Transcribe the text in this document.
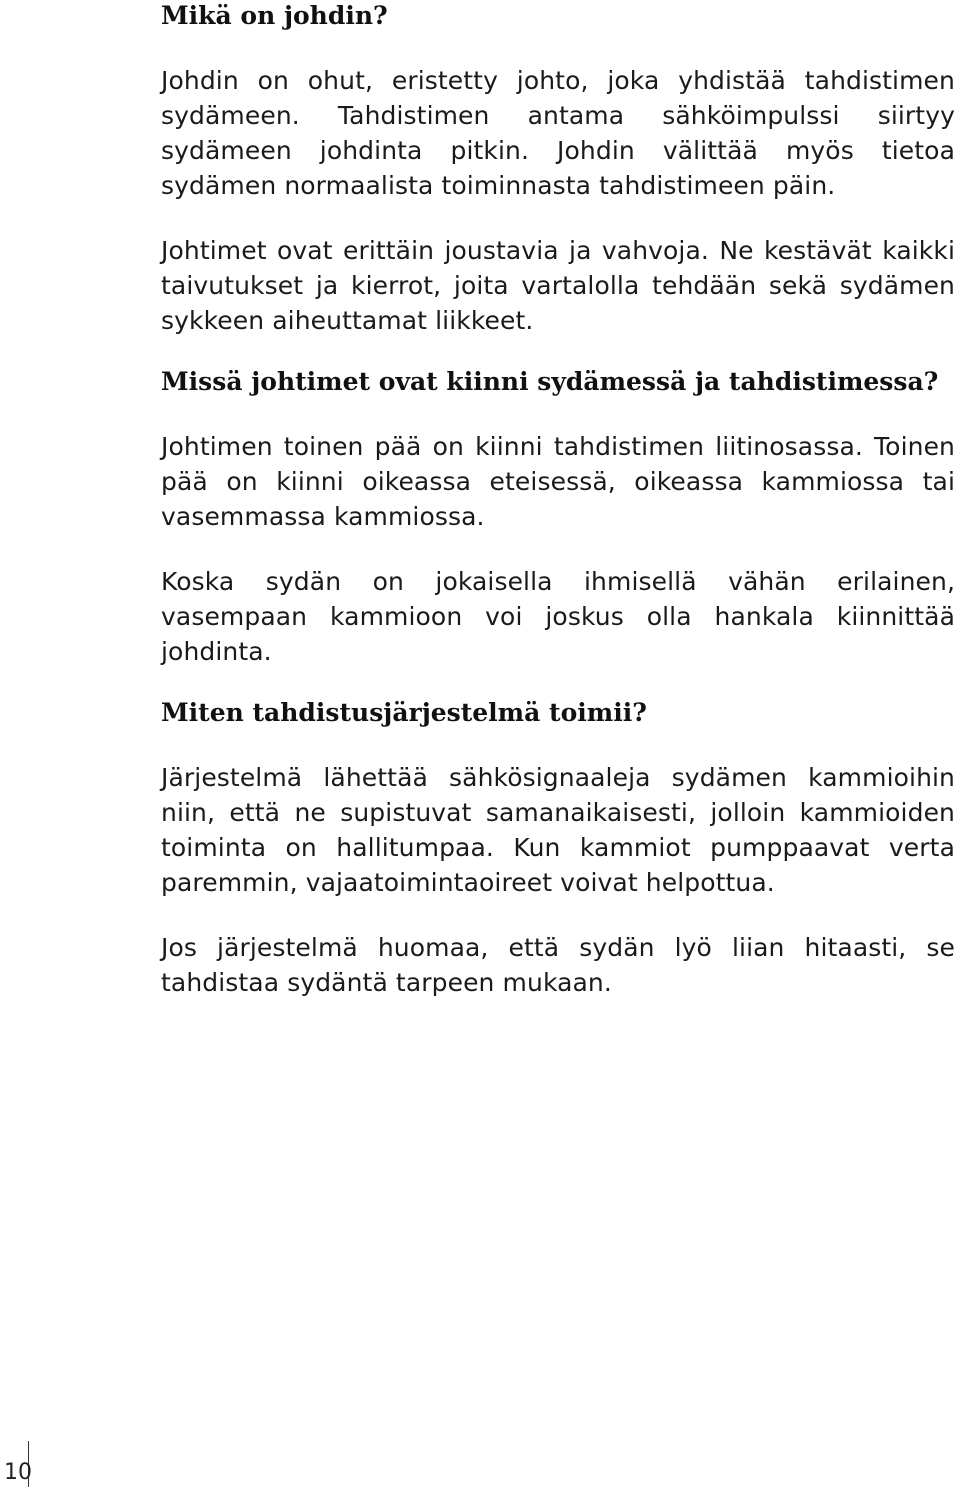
Mikä on johdin?

Johdin on ohut, eristetty johto, joka yhdistää tahdistimen sydämeen. Tahdistimen antama sähköimpulssi siirtyy sydämeen johdinta pitkin. Johdin välittää myös tietoa sydämen normaalista toiminnasta tahdistimeen päin.

Johtimet ovat erittäin joustavia ja vahvoja. Ne kestävät kaikki taivutukset ja kierrot, joita vartalolla tehdään sekä sydämen sykkeen aiheuttamat liikkeet.

Missä johtimet ovat kiinni sydämessä ja tahdistimessa?

Johtimen toinen pää on kiinni tahdistimen liitinosassa. Toinen pää on kiinni oikeassa eteisessä, oikeassa kammiossa tai vasemmassa kammiossa.

Koska sydän on jokaisella ihmisellä vähän erilainen, vasempaan kammioon voi joskus olla hankala kiinnittää johdinta.

Miten tahdistusjärjestelmä toimii?

Järjestelmä lähettää sähkösignaaleja sydämen kammioihin niin, että ne supistuvat samanaikaisesti, jolloin kammioiden toiminta on hallitumpaa. Kun kammiot pumppaavat verta paremmin, vajaatoimintaoireet voivat helpottua.

Jos järjestelmä huomaa, että sydän lyö liian hitaasti, se tahdistaa sydäntä tarpeen mukaan.

10
